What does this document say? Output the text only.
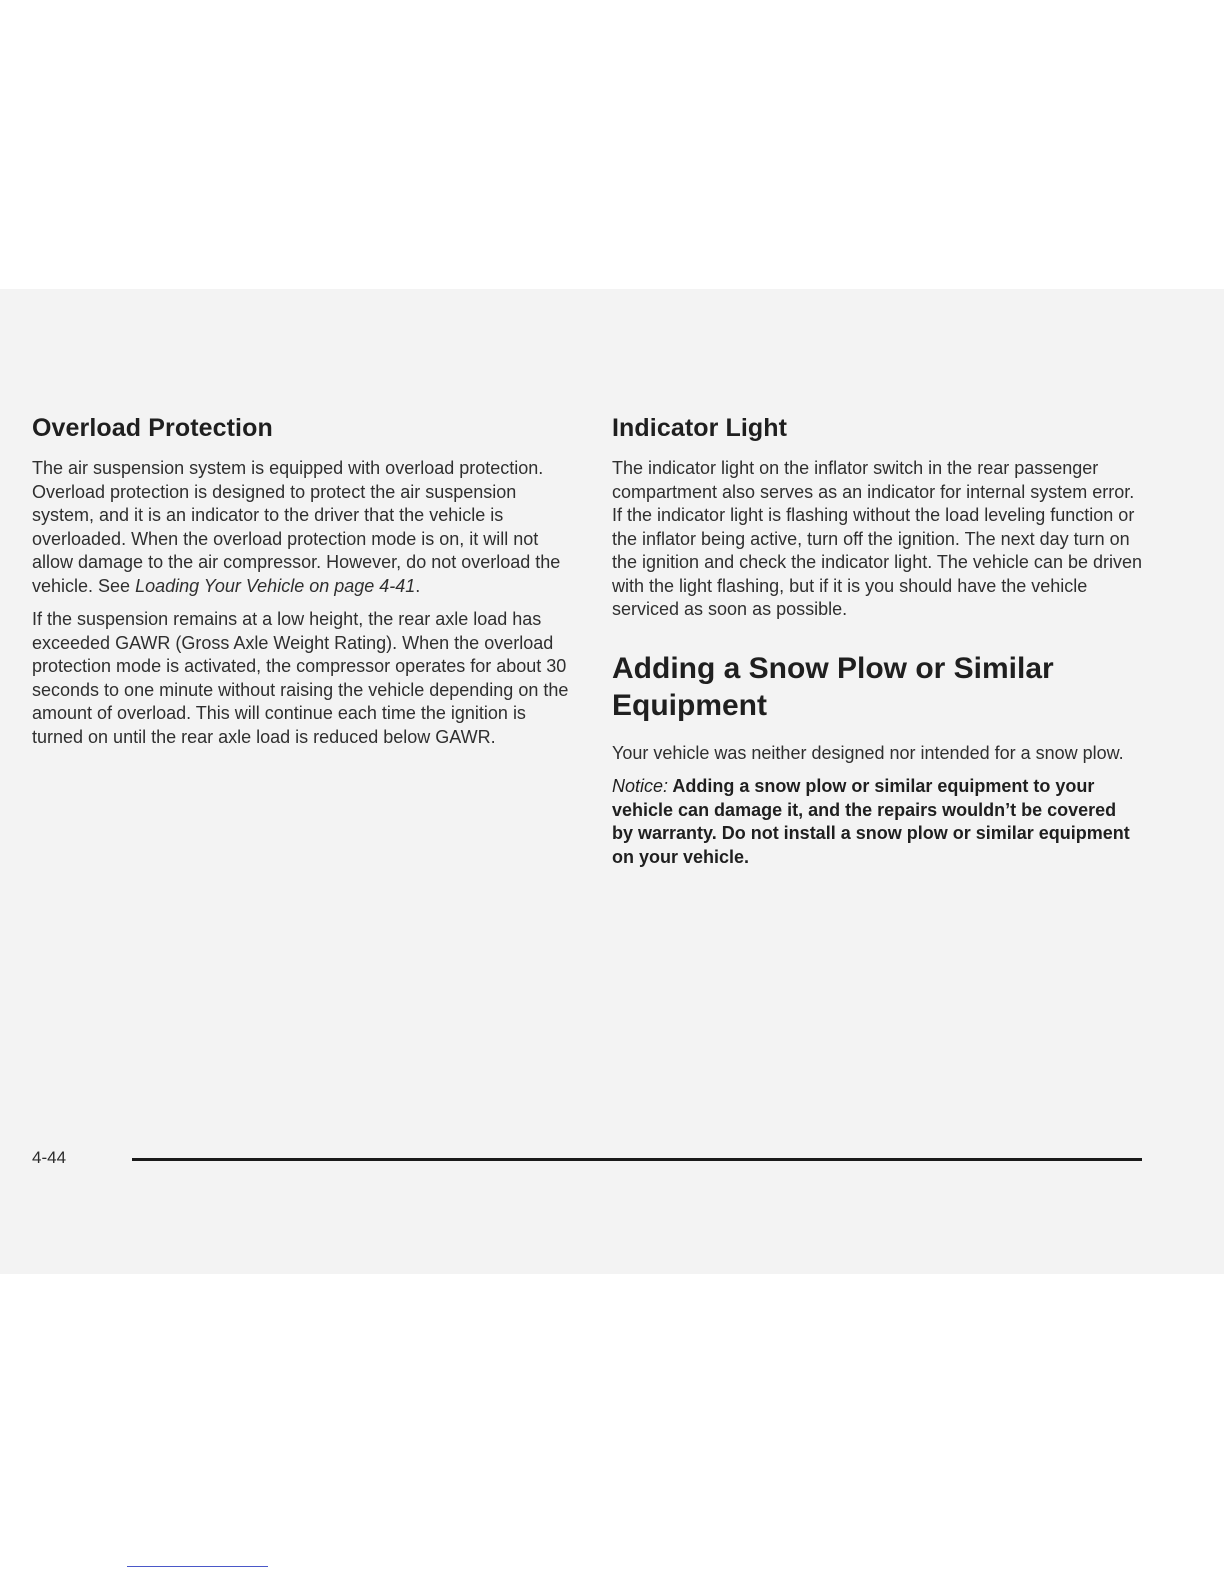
Overload Protection

The air suspension system is equipped with overload protection. Overload protection is designed to protect the air suspension system, and it is an indicator to the driver that the vehicle is overloaded. When the overload protection mode is on, it will not allow damage to the air compressor. However, do not overload the vehicle. See Loading Your Vehicle on page 4-41.

If the suspension remains at a low height, the rear axle load has exceeded GAWR (Gross Axle Weight Rating). When the overload protection mode is activated, the compressor operates for about 30 seconds to one minute without raising the vehicle depending on the amount of overload. This will continue each time the ignition is turned on until the rear axle load is reduced below GAWR.

Indicator Light

The indicator light on the inflator switch in the rear passenger compartment also serves as an indicator for internal system error. If the indicator light is flashing without the load leveling function or the inflator being active, turn off the ignition. The next day turn on the ignition and check the indicator light. The vehicle can be driven with the light flashing, but if it is you should have the vehicle serviced as soon as possible.

Adding a Snow Plow or Similar Equipment

Your vehicle was neither designed nor intended for a snow plow.

Notice: Adding a snow plow or similar equipment to your vehicle can damage it, and the repairs wouldn’t be covered by warranty. Do not install a snow plow or similar equipment on your vehicle.

4-44
